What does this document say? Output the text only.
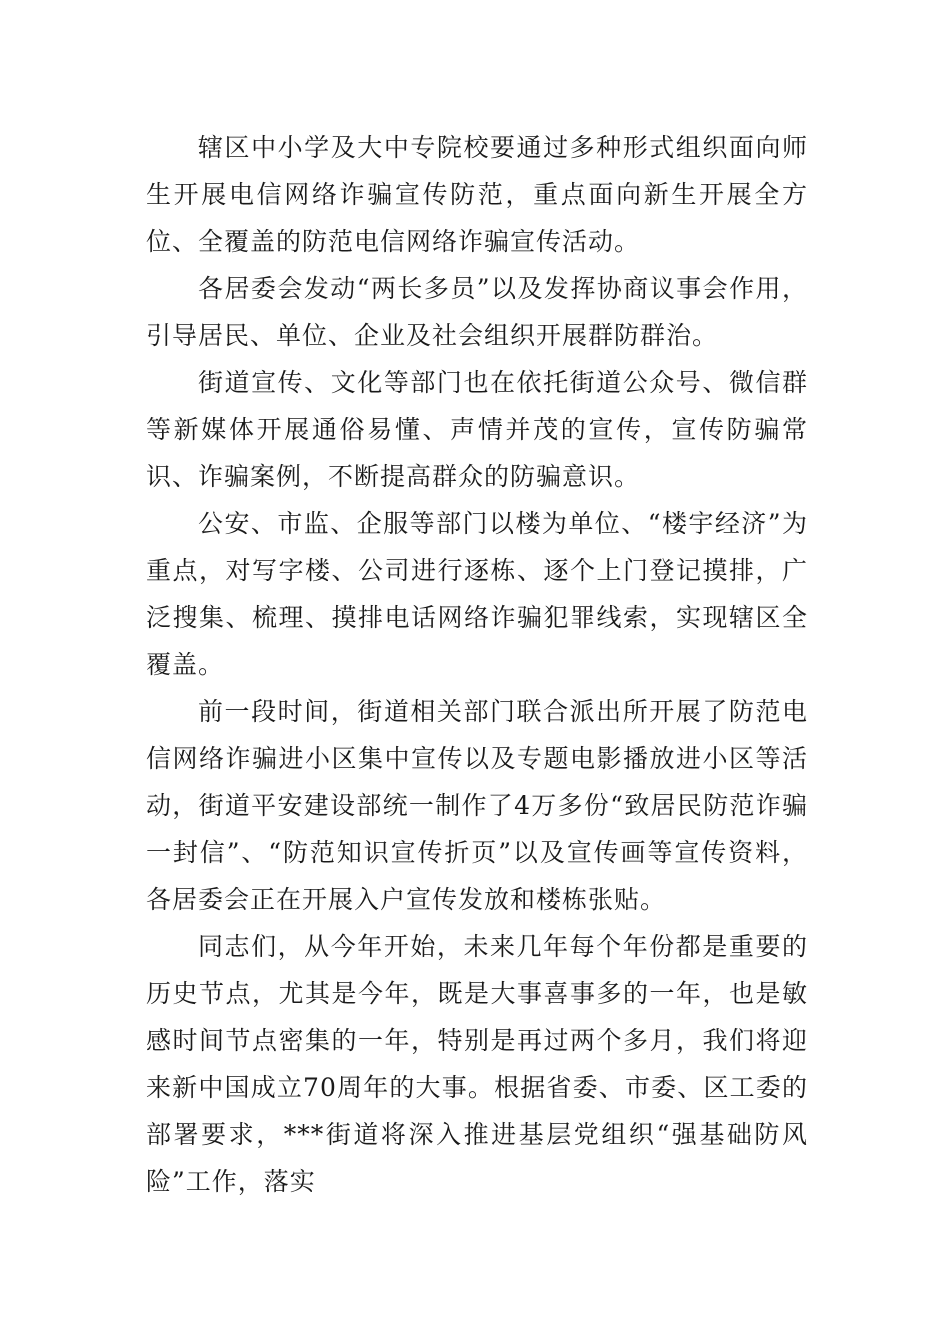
辖区中小学及大中专院校要通过多种形式组织面向师生开展电信网络诈骗宣传防范，重点面向新生开展全方位、全覆盖的防范电信网络诈骗宣传活动。

各居委会发动“两长多员”以及发挥协商议事会作用，引导居民、单位、企业及社会组织开展群防群治。

街道宣传、文化等部门也在依托街道公众号、微信群等新媒体开展通俗易懂、声情并茂的宣传，宣传防骗常识、诈骗案例，不断提高群众的防骗意识。

公安、市监、企服等部门以楼为单位、“楼宇经济”为重点，对写字楼、公司进行逐栋、逐个上门登记摸排，广泛搜集、梳理、摸排电话网络诈骗犯罪线索，实现辖区全覆盖。

前一段时间，街道相关部门联合派出所开展了防范电信网络诈骗进小区集中宣传以及专题电影播放进小区等活动，街道平安建设部统一制作了4万多份“致居民防范诈骗一封信”、“防范知识宣传折页”以及宣传画等宣传资料，各居委会正在开展入户宣传发放和楼栋张贴。

同志们，从今年开始，未来几年每个年份都是重要的历史节点，尤其是今年，既是大事喜事多的一年，也是敏感时间节点密集的一年，特别是再过两个多月，我们将迎来新中国成立70周年的大事。根据省委、市委、区工委的部署要求，***街道将深入推进基层党组织“强基础防风险”工作，落实
